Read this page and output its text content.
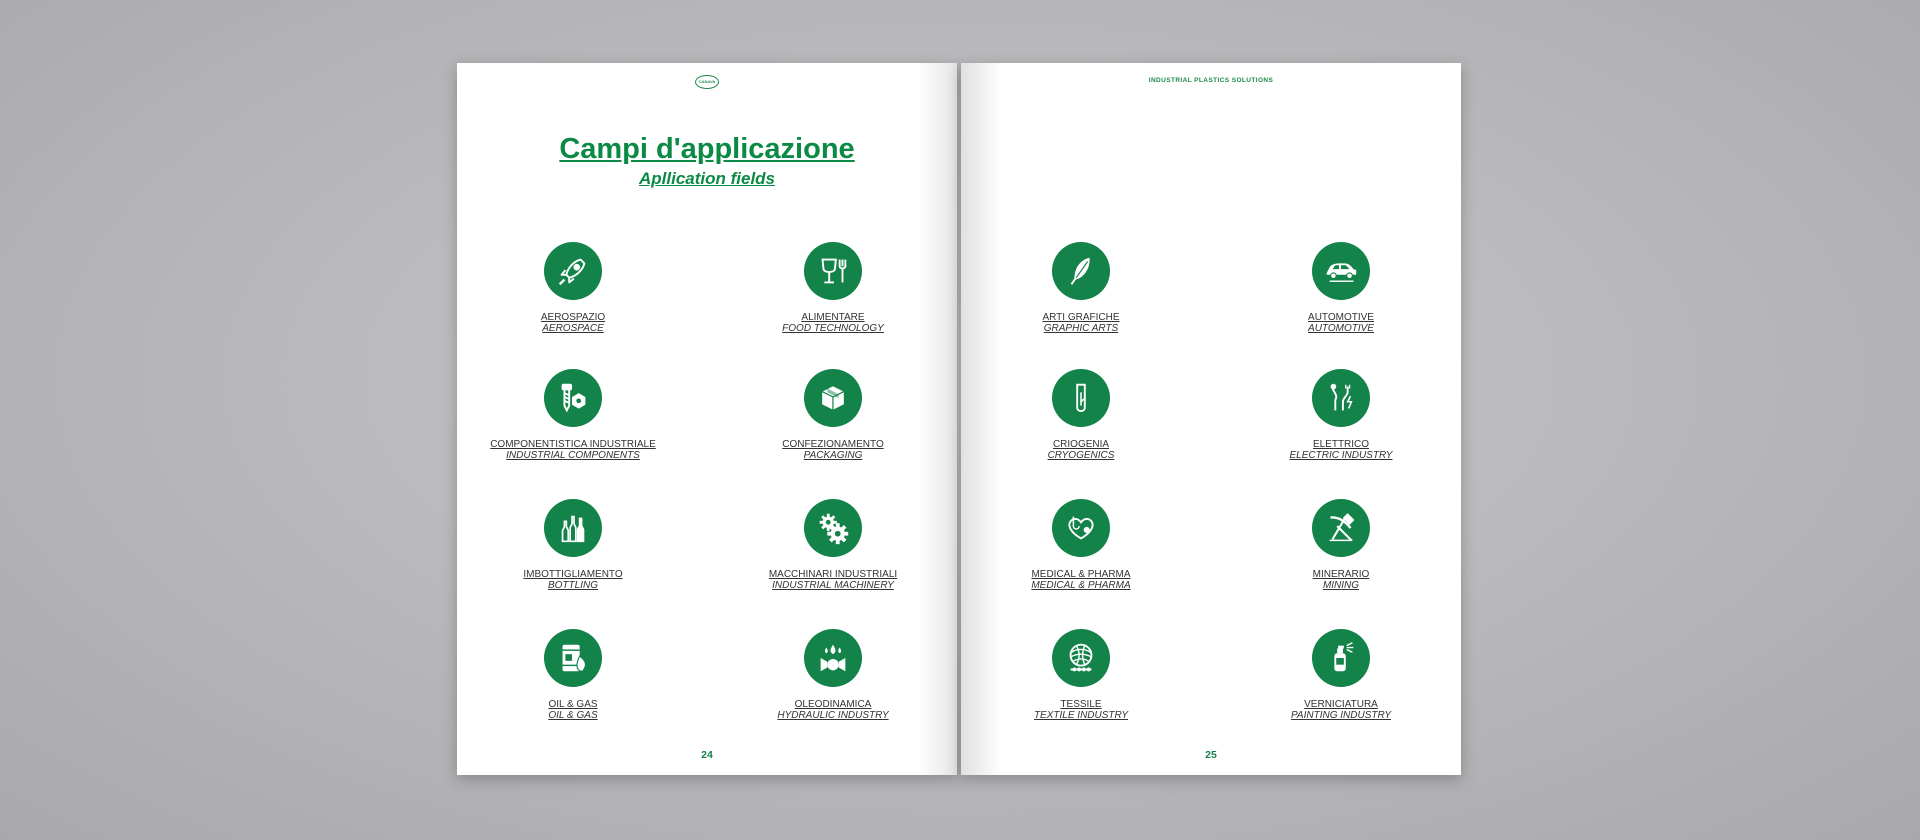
CANAVA
Campi d'applicazione
Apllication fields
AEROSPAZIO
AEROSPACE
ALIMENTARE
FOOD TECHNOLOGY
COMPONENTISTICA INDUSTRIALE
INDUSTRIAL COMPONENTS
CONFEZIONAMENTO
PACKAGING
IMBOTTIGLIAMENTO
BOTTLING
MACCHINARI INDUSTRIALI
INDUSTRIAL MACHINERY
OIL & GAS
OIL & GAS
OLEODINAMICA
HYDRAULIC INDUSTRY
24
INDUSTRIAL PLASTICS SOLUTIONS
ARTI GRAFICHE
GRAPHIC ARTS
AUTOMOTIVE
AUTOMOTIVE
CRIOGENIA
CRYOGENICS
ELETTRICO
ELECTRIC INDUSTRY
MEDICAL & PHARMA
MEDICAL & PHARMA
MINERARIO
MINING
TESSILE
TEXTILE INDUSTRY
VERNICIATURA
PAINTING INDUSTRY
25
